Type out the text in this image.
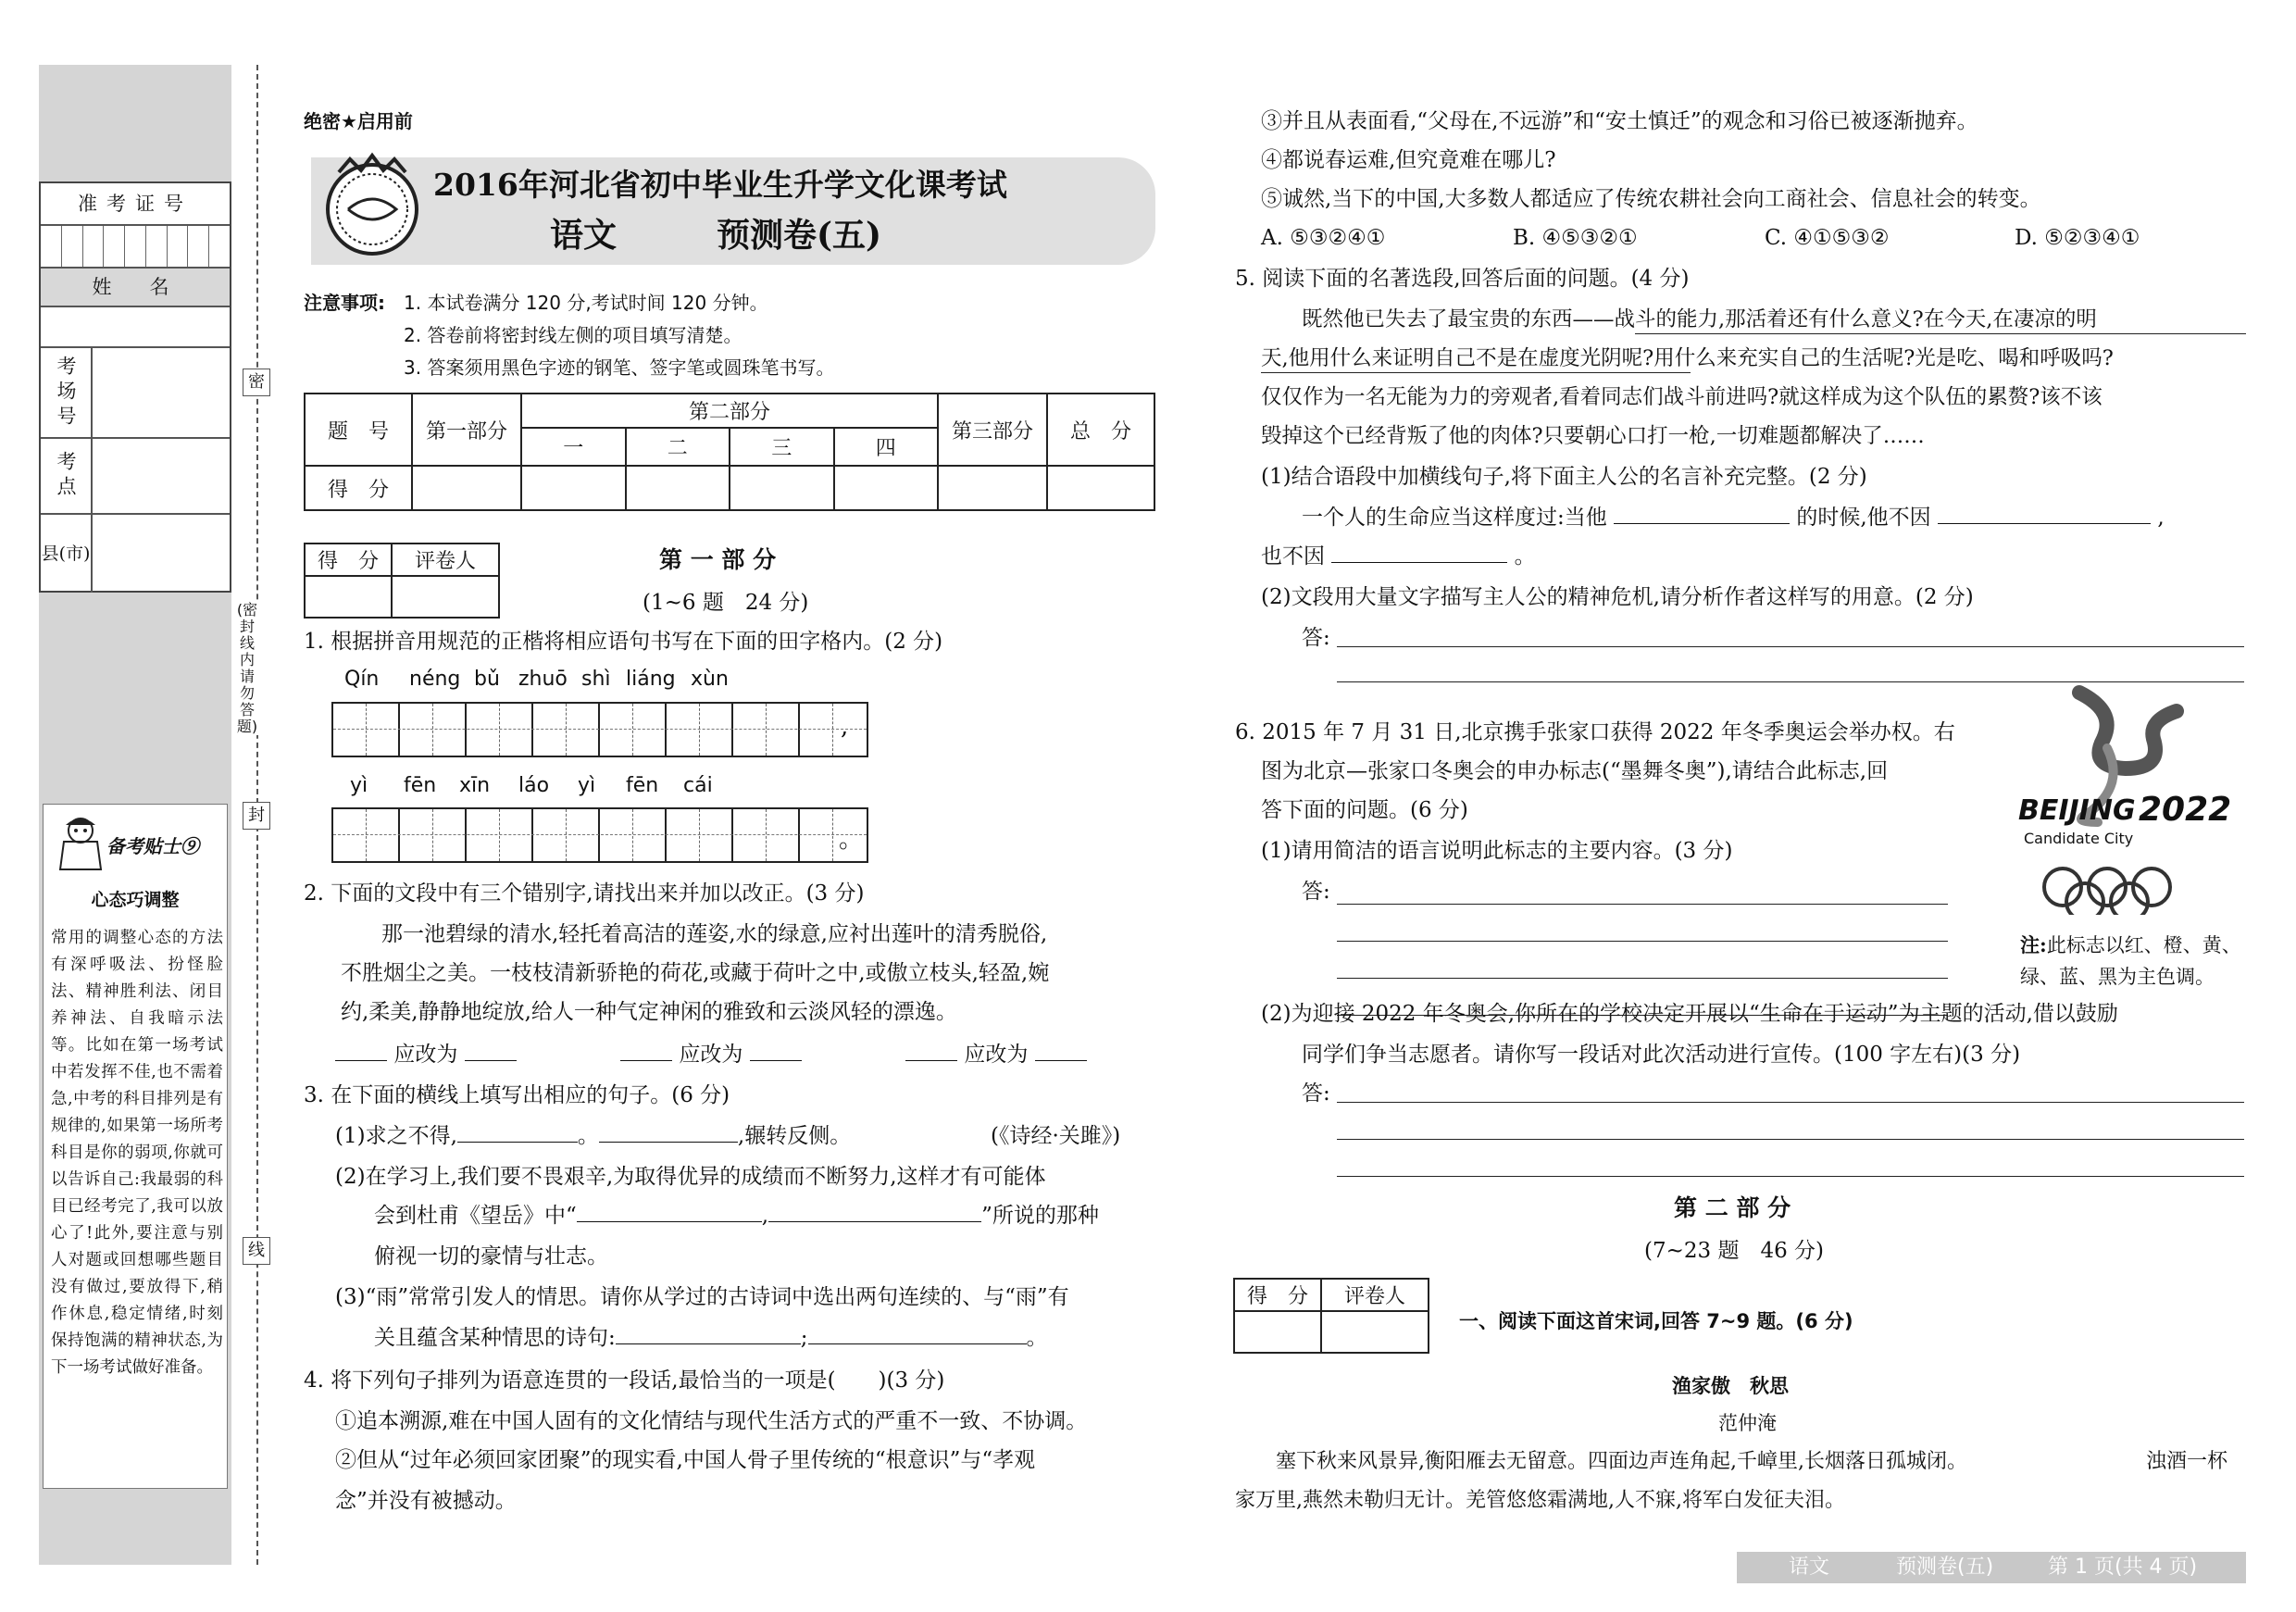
准考证号
姓　名
考场号
考点
县(市)
备考贴士⑨
心态巧调整
常用的调整心态的方法有深呼吸法、扮怪脸法、精神胜利法、闭目养神法、自我暗示法等。比如在第一场考试中若发挥不佳,也不需着急,中考的科目排列是有规律的,如果第一场所考科目是你的弱项,你就可以告诉自己:我最弱的科目已经考完了,我可以放心了!此外,要注意与别人对题或回想哪些题目没有做过,要放得下,稍作休息,稳定情绪,时刻保持饱满的精神状态,为下一场考试做好准备。
密
封
线
(密封线内请勿答题)
绝密★启用前
2016年河北省初中毕业生升学文化课考试
语文　　　预测卷(五)
注意事项: 1. 本试卷满分 120 分,考试时间 120 分钟。
2. 答卷前将密封线左侧的项目填写清楚。
3. 答案须用黑色字迹的钢笔、签字笔或圆珠笔书写。
题　号	第一部分	第二部分				第三部分	总　分
		一	二	三	四		
得　分							
得　分	评卷人
		第 一 部 分
(1~6 题　24 分)
1. 根据拼音用规范的正楷将相应语句书写在下面的田字格内。(2 分)
Qín néng bǔ zhuō shì liáng xùn
,
yì fēn xīn láo yì fēn cái
。
2. 下面的文段中有三个错别字,请找出来并加以改正。(3 分)
那一池碧绿的清水,轻托着高洁的莲姿,水的绿意,应衬出莲叶的清秀脱俗,
不胜烟尘之美。一枝枝清新骄艳的荷花,或藏于荷叶之中,或傲立枝头,轻盈,婉
约,柔美,静静地绽放,给人一种气定神闲的雅致和云淡风轻的漂逸。
应改为	应改为	应改为
3. 在下面的横线上填写出相应的句子。(6 分)
(1)求之不得,	。	,辗转反侧。	(《诗经·关雎》)
(2)在学习上,我们要不畏艰辛,为取得优异的成绩而不断努力,这样才有可能体
会到杜甫《望岳》中“	,	”所说的那种
俯视一切的豪情与壮志。
(3)“雨”常常引发人的情思。请你从学过的古诗词中选出两句连续的、与“雨”有
关且蕴含某种情思的诗句:	;	。
4. 将下列句子排列为语意连贯的一段话,最恰当的一项是(　　)(3 分)
①追本溯源,难在中国人固有的文化情结与现代生活方式的严重不一致、不协调。
②但从“过年必须回家团聚”的现实看,中国人骨子里传统的“根意识”与“孝观
念”并没有被撼动。
③并且从表面看,“父母在,不远游”和“安土慎迁”的观念和习俗已被逐渐抛弃。
④都说春运难,但究竟难在哪儿?
⑤诚然,当下的中国,大多数人都适应了传统农耕社会向工商社会、信息社会的转变。
A. ⑤③②④①	B. ④⑤③②①	C. ④①⑤③②	D. ⑤②③④①
5. 阅读下面的名著选段,回答后面的问题。(4 分)
既然他已失去了最宝贵的东西——战斗的能力,那活着还有什么意义?在今天,在凄凉的明
天,他用什么来证明自己不是在虚度光阴呢?用什么来充实自己的生活呢?光是吃、喝和呼吸吗?
仅仅作为一名无能为力的旁观者,看着同志们战斗前进吗?就这样成为这个队伍的累赘?该不该
毁掉这个已经背叛了他的肉体?只要朝心口打一枪,一切难题都解决了……
(1)结合语段中加横线句子,将下面主人公的名言补充完整。(2 分)
一个人的生命应当这样度过:当他	的时候,他不因	,
也不因	。
(2)文段用大量文字描写主人公的精神危机,请分析作者这样写的用意。(2 分)
答:
6. 2015 年 7 月 31 日,北京携手张家口获得 2022 年冬季奥运会举办权。右
图为北京—张家口冬奥会的申办标志(“墨舞冬奥”),请结合此标志,回
答下面的问题。(6 分)
(1)请用简洁的语言说明此标志的主要内容。(3 分)
答:
BEIJING 2022
Candidate City
注:此标志以红、橙、黄、
绿、蓝、黑为主色调。
(2)为迎接 2022 年冬奥会,你所在的学校决定开展以“生命在于运动”为主题的活动,借以鼓励
同学们争当志愿者。请你写一段话对此次活动进行宣传。(100 字左右)(3 分)
答:
第 二 部 分
(7~23 题　46 分)
得　分	评卷人

一、阅读下面这首宋词,回答 7~9 题。(6 分)
渔家傲　秋思
范仲淹
塞下秋来风景异,衡阳雁去无留意。四面边声连角起,千嶂里,长烟落日孤城闭。	浊酒一杯
家万里,燕然未勒归无计。羌管悠悠霜满地,人不寐,将军白发征夫泪。
语文	预测卷(五)	第 1 页(共 4 页)
